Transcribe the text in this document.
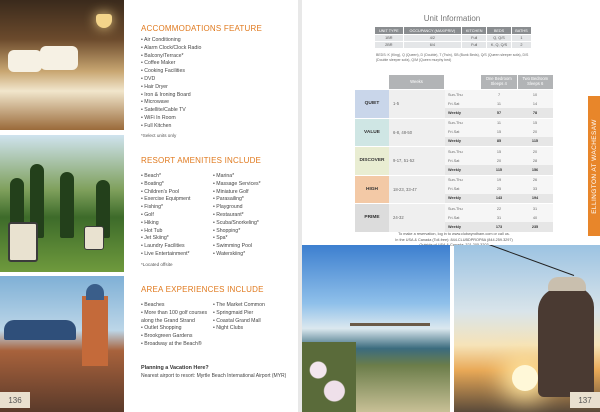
136
ACCOMMODATIONS FEATURE
• Air Conditioning
• Alarm Clock/Clock Radio
• Balcony/Terrace*
• Coffee Maker
• Cooking Facilities
• DVD
• Hair Dryer
• Iron & Ironing Board
• Microwave
• Satellite/Cable TV
• WiFi In Room
• Full Kitchen
*Select units only
RESORT AMENITIES INCLUDE
• Beach*
• Boating*
• Children's Pool
• Exercise Equipment
• Fishing*
• Golf
• Hiking
• Hot Tub
• Jet Skiing*
• Laundry Facilities
• Live Entertainment*
• Marina*
• Massage Services*
• Miniature Golf
• Parasailing*
• Playground
• Restaurant*
• Scuba/Snorkeling*
• Shopping*
• Spa*
• Swimming Pool
• Waterskiing*
*Located offsite
AREA EXPERIENCES INCLUDE
• Beaches
• More than 100 golf courses along the Grand Strand
• Outlet Shopping
• Brookgreen Gardens
• Broadway at the Beach®
• The Market Common
• Springmaid Pier
• Coastal Grand Mall
• Night Clubs
Planning a Vacation Here?
Nearest airport to resort: Myrtle Beach International Airport (MYR)
Unit Information
UNIT TYPE	OCCUPANCY (MAX/PRIV)	KITCHEN	BEDS	BATHS
1BR	4/2	Full	Q, Q/S	1
2BR	6/4	Full	K, Q, Q/S	2
BEDS: K (King), Q (Queen), D (Double), T (Twin), SB (Bunk Beds), Q/S (Queen sleeper sofa), D/S (Double sleeper sofa), Q/M (Queen murphy bed)
Weeks	One Bedroom
Sleeps 4
Two Bedroom
Sleeps 6
QUIET	1-5
Sun-Thu	7	10
Fri-Sat	11	14
Weekly	57	78
VALUE	6-8, 48-50
Sun-Thu	11	15
Fri-Sat	15	20
Weekly	85	115
DISCOVER	9-17, 51-52
Sun-Thu	15	20
Fri-Sat	20	28
Weekly	115	156
HIGH	18-23, 33-47
Sun-Thu	19	26
Fri-Sat	25	33
Weekly	143	194
PRIME	24-32
Sun-Thu	22	31
Fri-Sat	31	40
Weekly	173	235
To make a reservation, log in to www.clubwyndham.com or call us.
In the USA & Canada (Toll-free): 844.CLUBDPROP8A (844.259.3297)
ELLINGTON AT WACHESAW
137
